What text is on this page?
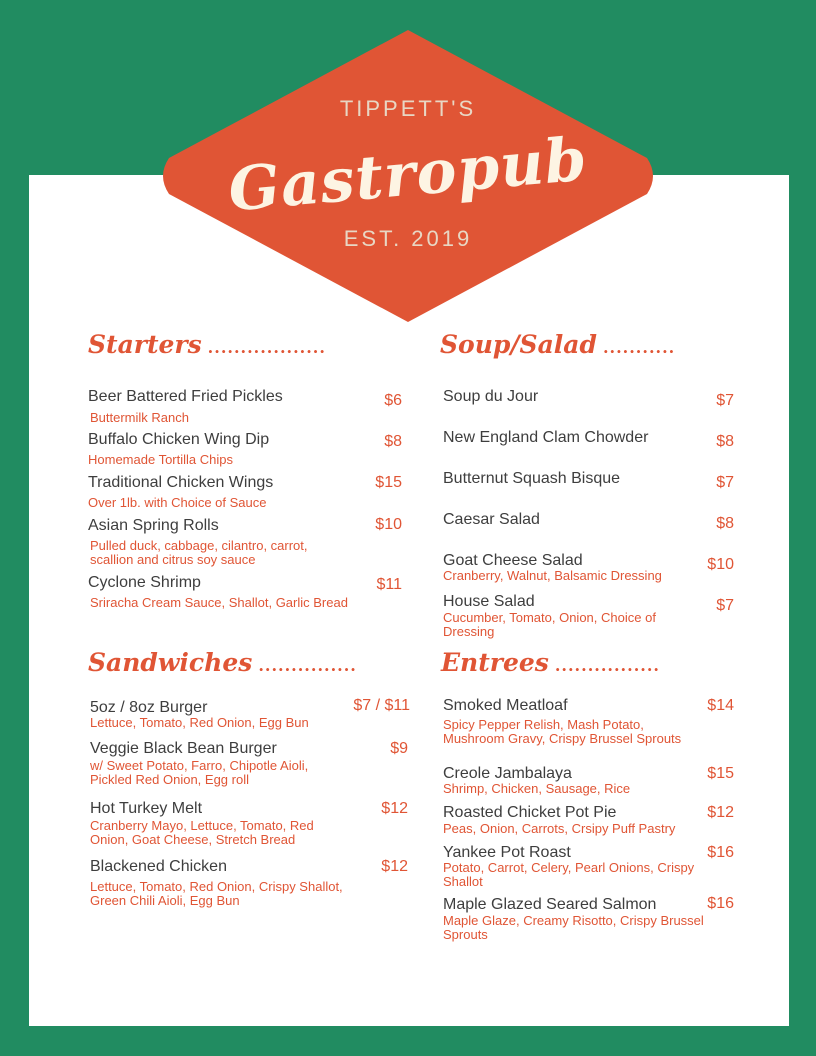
TIPPETT'S
Gastropub
EST. 2019
Starters ..................
Beer Battered Fried Pickles
Buttermilk Ranch
$6
Buffalo Chicken Wing Dip
Homemade Tortilla Chips
$8
Traditional Chicken Wings
Over 1lb. with Choice of Sauce
$15
Asian Spring Rolls
Pulled duck, cabbage, cilantro, carrot, scallion and citrus soy sauce
$10
Cyclone Shrimp
Sriracha Cream Sauce, Shallot, Garlic Bread
$11
Soup/Salad ...........
Soup du Jour	$7
New England Clam Chowder	$8
Butternut Squash Bisque	$7
Caesar Salad	$8
Goat Cheese Salad
Cranberry, Walnut, Balsamic Dressing
$10
House Salad
Cucumber, Tomato, Onion, Choice of Dressing
$7
Sandwiches ...............
5oz / 8oz Burger
Lettuce, Tomato, Red Onion, Egg Bun
$7 / $11
Veggie Black Bean Burger
w/ Sweet Potato, Farro, Chipotle Aioli, Pickled Red Onion, Egg roll
$9
Hot Turkey Melt
Cranberry Mayo, Lettuce, Tomato, Red Onion, Goat Cheese, Stretch Bread
$12
Blackened Chicken
Lettuce, Tomato, Red Onion, Crispy Shallot, Green Chili Aioli, Egg Bun
$12
Entrees ................
Smoked Meatloaf
Spicy Pepper Relish, Mash Potato, Mushroom Gravy, Crispy Brussel Sprouts
$14
Creole Jambalaya
Shrimp, Chicken, Sausage, Rice
$15
Roasted Chicket Pot Pie
Peas, Onion, Carrots, Crsipy Puff Pastry
$12
Yankee Pot Roast
Potato, Carrot, Celery, Pearl Onions, Crispy Shallot
$16
Maple Glazed Seared Salmon
Maple Glaze, Creamy Risotto, Crispy Brussel Sprouts
$16
